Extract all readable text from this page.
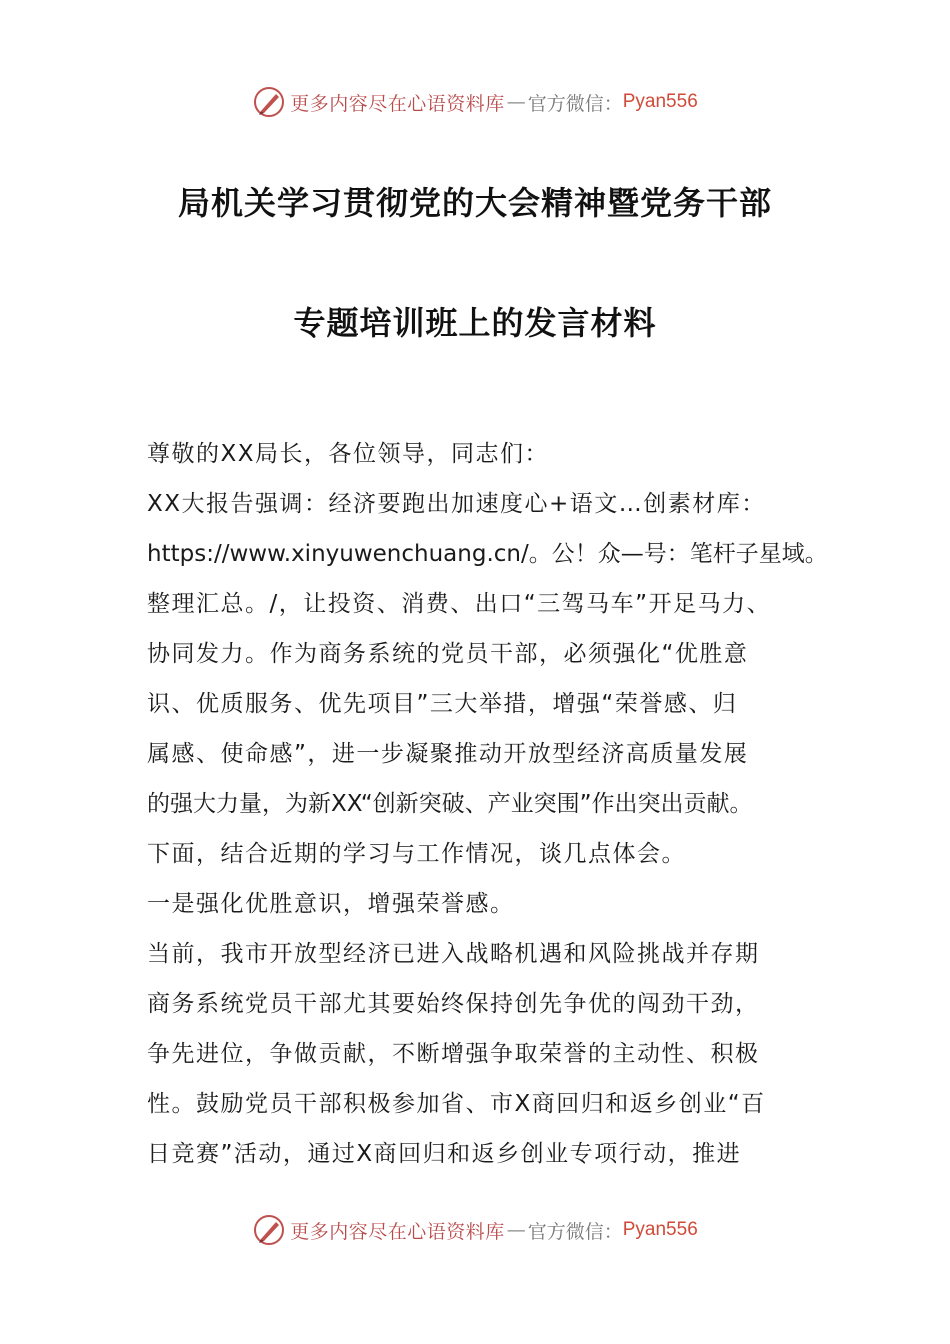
更多内容尽在心语资料库 — 官方微信： Pyan556
局机关学习贯彻党的大会精神暨党务干部
专题培训班上的发言材料
尊敬的XX局长，各位领导，同志们：
XX大报告强调：经济要跑出加速度心+语文…创素材库：
https://www.xinyuwenchuang.cn/。公！众—号：笔杆子星域。
整理汇总。/，让投资、消费、出口“三驾马车”开足马力、
协同发力。作为商务系统的党员干部，必须强化“优胜意
识、优质服务、优先项目”三大举措，增强“荣誉感、归
属感、使命感”，进一步凝聚推动开放型经济高质量发展
的强大力量，为新XX“创新突破、产业突围”作出突出贡献。
下面，结合近期的学习与工作情况，谈几点体会。
一是强化优胜意识，增强荣誉感。
当前，我市开放型经济已进入战略机遇和风险挑战并存期
商务系统党员干部尤其要始终保持创先争优的闯劲干劲，
争先进位，争做贡献，不断增强争取荣誉的主动性、积极
性。鼓励党员干部积极参加省、市X商回归和返乡创业“百
日竞赛”活动，通过X商回归和返乡创业专项行动，推进
更多内容尽在心语资料库 — 官方微信： Pyan556
